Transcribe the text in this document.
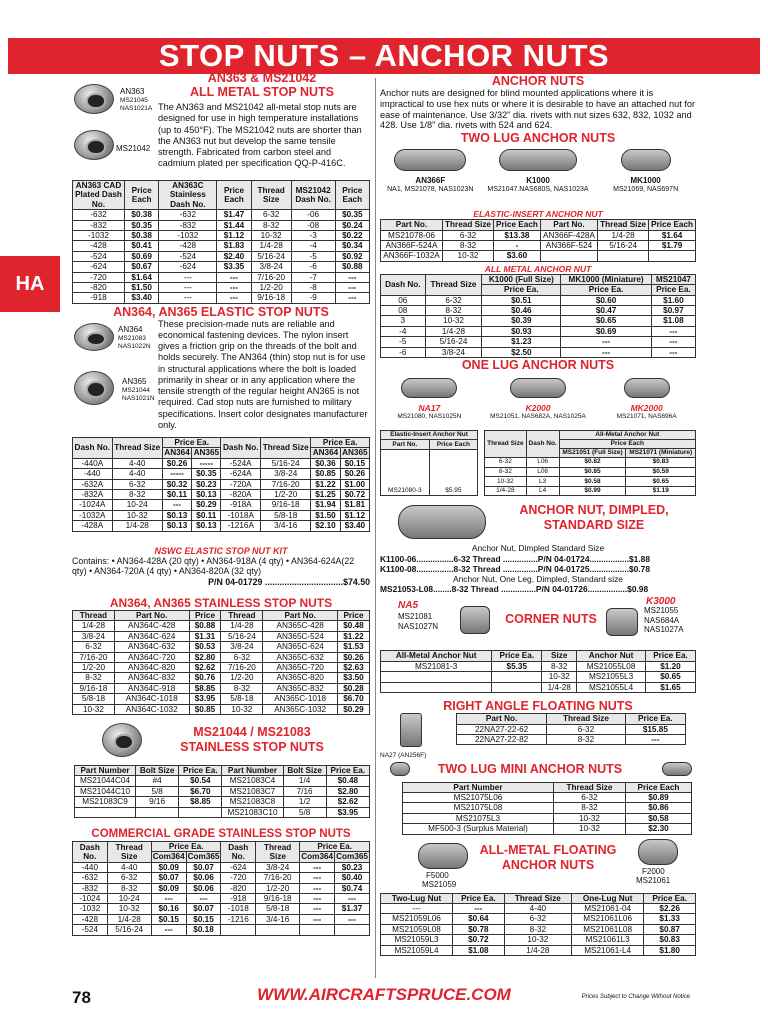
STOP NUTS – ANCHOR NUTS
HA
AN363
MS21045
NAS1021A
MS21042
AN363 & MS21042
ALL METAL STOP NUTS
The AN363 and MS21042 all-metal stop nuts are designed for use in high temperature installations (up to 450°F). The MS21042 nuts are shorter than the AN363 nut but develop the same tensile strength. Fabricated from carbon steel and cadmium plated per specification QQ-P-416C.
AN363 CAD Plated Dash No.	Price Each	AN363C Stainless Dash No.	Price Each	Thread Size	MS21042 Dash No.	Price Each
-632	$0.38	-632	$1.47	6-32	-06	$0.35
-832	$0.35	-832	$1.44	8-32	-08	$0.24
-1032	$0.38	-1032	$1.12	10-32	-3	$0.22
-428	$0.41	-428	$1.83	1/4-28	-4	$0.34
-524	$0.69	-524	$2.40	5/16-24	-5	$0.92
-624	$0.67	-624	$3.35	3/8-24	-6	$0.88
-720	$1.64	---	---	7/16-20	-7	---
-820	$1.50	---	---	1/2-20	-8	---
-918	$3.40	---	---	9/16-18	-9	---
AN364, AN365 ELASTIC STOP NUTS
AN364
MS21083
NAS1022N
AN365
MS21044
NAS1021N
These precision-made nuts are reliable and economical fastening devices. The nylon insert gives a friction grip on the threads of the bolt and holds securely. The AN364 (thin) stop nut is for use in structural applications where the bolt is loaded primarily in shear or in any application where the tensile strength of the regular height AN365 is not required. Cad stop nuts are furnished to military specifications. Insert color designates manufacturer only.
Dash No.	Thread Size	Price Ea.		Dash No.	Thread Size	Price Ea.	
		AN364	AN365			AN364	AN365
-440A	4-40	$0.26	-----	-524A	5/16-24	$0.36	$0.15
-440	4-40	-----	$0.35	-624A	3/8-24	$0.85	$0.26
-632A	6-32	$0.32	$0.23	-720A	7/16-20	$1.22	$1.00
-832A	8-32	$0.11	$0.13	-820A	1/2-20	$1.25	$0.72
-1024A	10-24	---	$0.29	-918A	9/16-18	$1.94	$1.81
-1032A	10-32	$0.13	$0.11	-1018A	5/8-18	$1.50	$1.12
-428A	1/4-28	$0.13	$0.13	-1216A	3/4-16	$2.10	$3.40
NSWC ELASTIC STOP NUT KIT
Contains: • AN364-428A (20 qty) • AN364-918A (4 qty) • AN364-624A(22 qty) • AN364-720A (4 qty) • AN364-820A (32 qty)
P/N 04-01729 ................................$74.50
AN364, AN365 STAINLESS STOP NUTS
Thread	Part No.	Price	Thread	Part No.	Price
1/4-28	AN364C-428	$0.88	1/4-28	AN365C-428	$0.48
3/8-24	AN364C-624	$1.31	5/16-24	AN365C-524	$1.22
6-32	AN364C-632	$0.53	3/8-24	AN365C-624	$1.53
7/16-20	AN364C-720	$2.80	6-32	AN365C-632	$0.26
1/2-20	AN364C-820	$2.62	7/16-20	AN365C-720	$2.63
8-32	AN364C-832	$0.76	1/2-20	AN365C-820	$3.50
9/16-18	AN364C-918	$8.85	8-32	AN365C-832	$0.28
5/8-18	AN364C-1018	$3.95	5/8-18	AN365C-1018	$6.70
10-32	AN364C-1032	$0.85	10-32	AN365C-1032	$0.29
MS21044 / MS21083
STAINLESS STOP NUTS
Part Number	Bolt Size	Price Ea.	Part Number	Bolt Size	Price Ea.
MS21044C04	#4	$0.54	MS21083C4	1/4	$0.48
MS21044C10	5/8	$6.70	MS21083C7	7/16	$2.80
MS21083C9	9/16	$8.85	MS21083C8	1/2	$2.62
			MS21083C10	5/8	$3.95
COMMERCIAL GRADE STAINLESS STOP NUTS
Dash No.	Thread Size	Price Ea.		Dash No.	Thread Size	Price Ea.	
		Com364	Com365			Com364	Com365
-440	4-40	$0.09	$0.07	-624	3/8-24	---	$0.23
-632	6-32	$0.07	$0.06	-720	7/16-20	---	$0.40
-832	8-32	$0.09	$0.06	-820	1/2-20	---	$0.74
-1024	10-24	---	---	-918	9/16-18	---	---
-1032	10-32	$0.16	$0.07	-1018	5/8-18	---	$1.37
-428	1/4-28	$0.15	$0.15	-1216	3/4-16	---	---
-524	5/16-24	---	$0.18				
ANCHOR NUTS
Anchor nuts are designed for blind mounted applications where it is impractical to use hex nuts or where it is desirable to have an attached nut for ease of maintenance. Use 3/32" dia. rivets with nut sizes 632, 832, 1032 and 428. Use 1/8" dia. rivets with 524 and 624.
TWO LUG ANCHOR NUTS
AN366F
NA1, MS21078, NAS1023N
K1000
MS21047.NAS680S, NAS1023A
MK1000
MS21069, NAS697N
ELASTIC-INSERT ANCHOR NUT
Part No.	Thread Size	Price Each	Part No.	Thread Size	Price Each
MS21078-06	6-32	$13.38	AN366F-428A	1/4-28	$1.64
AN366F-524A	8-32	-	AN366F-524	5/16-24	$1.79
AN366F-1032A	10-32	$3.60			
ALL METAL ANCHOR NUT
Dash No.	Thread Size	K1000 (Full Size)	MK1000 (Miniature)	MS21047
		Price Ea.	Price Ea.	Price Ea.
06	6-32	$0.51	$0.60	$1.60
08	8-32	$0.46	$0.47	$0.97
3	10-32	$0.39	$0.65	$1.08
-4	1/4-28	$0.93	$0.69	---
-5	5/16-24	$1.23	---	---
-6	3/8-24	$2.50	---	---
ONE LUG ANCHOR NUTS
NA17
MS21080, NAS1025N
K2000
MS21051, NAS682A, NAS1025A
MK2000
MS21071, NAS696A
Elastic-Insert Anchor Nut	
Part No.	Price Each
MS21080-3	$5.95
Thread Size	Dash No.	All-Metal Anchor Nut	
		Price Each	
		MS21051 (Full Size)	MS21071 (Miniature)
6-32	L06	$0.82	$0.83
8-32	L08	$0.85	$0.59
10-32	L3	$0.58	$0.65
1/4-28	L4	$0.99	$1.19
ANCHOR NUT, DIMPLED,
STANDARD SIZE
Anchor Nut, Dimpled Standard Size
K1100-06................6-32 Thread ...............P/N 04-01724.................$1.88
K1100-08................8-32 Thread ...............P/N 04-01725.................$0.78
Anchor Nut, One Leg, Dimpled, Standard size
MS21053-L08........8-32 Thread ...............P/N 04-01726.................$0.98
NA5
MS21081 NAS1027N	CORNER NUTS
K3000
MS21055 NAS684A NAS1027A
All-Metal Anchor Nut	Price Ea.	Size	Anchor Nut	Price Ea.
MS21081-3	$5.35	8-32	MS21055L08	$1.20
		10-32	MS21055L3	$0.65
		1/4-28	MS21055L4	$1.65
RIGHT ANGLE FLOATING NUTS
NA27 (AN256F)
Part No.	Thread Size	Price Ea.
22NA27-22-62	6-32	$15.85
22NA27-22-82	8-32	---
TWO LUG MINI ANCHOR NUTS
Part Number	Thread Size	Price Each
MS21075L06	6-32	$0.89
MS21075L08	8-32	$0.86
MS21075L3	10-32	$0.58
MF500-3 (Surplus Material)	10-32	$2.30
F5000
MS21059
ALL-METAL FLOATING
ANCHOR NUTS	F2000
MS21061
Two-Lug Nut	Price Ea.	Thread Size	One-Lug Nut	Price Ea.
---	---	4-40	MS21061-04	$2.26
MS21059L06	$0.64	6-32	MS21061L06	$1.33
MS21059L08	$0.78	8-32	MS21061L08	$0.87
MS21059L3	$0.72	10-32	MS21061L3	$0.83
MS21059L4	$1.08	1/4-28	MS21061-L4	$1.80
78	WWW.AIRCRAFTSPRUCE.COM	Prices Subject to Change Without Notice
